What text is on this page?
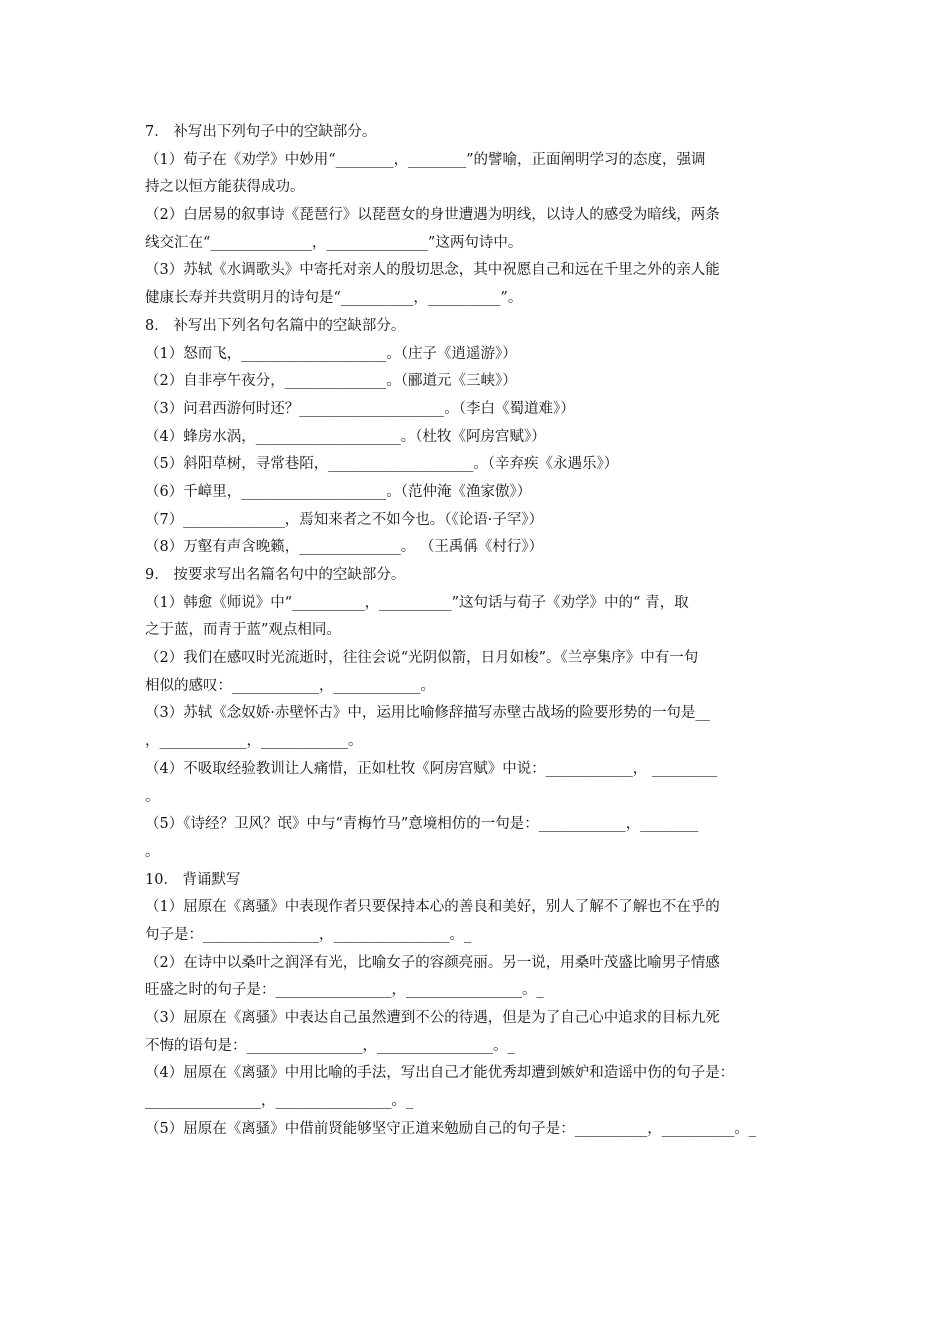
7． 补写出下列句子中的空缺部分。
（1）荀子在《劝学》中妙用“________，________”的譬喻，正面阐明学习的态度，强调
持之以恒方能获得成功。
（2）白居易的叙事诗《琵琶行》以琵琶女的身世遭遇为明线，以诗人的感受为暗线，两条
线交汇在“______________，______________”这两句诗中。
（3）苏轼《水调歌头》中寄托对亲人的殷切思念，其中祝愿自己和远在千里之外的亲人能
健康长寿并共赏明月的诗句是“__________，__________”。
8． 补写出下列名句名篇中的空缺部分。
（1）怒而飞，____________________。（庄子《逍遥游》）
（2）自非亭午夜分，______________。（郦道元《三峡》）
（3）问君西游何时还？____________________。（李白《蜀道难》）
（4）蜂房水涡，____________________。（杜牧《阿房宫赋》）
（5）斜阳草树，寻常巷陌，____________________。（辛弃疾《永遇乐》）
（6）千嶂里，____________________。（范仲淹《渔家傲》）
（7）______________，焉知来者之不如今也。（《论语·子罕》）
（8）万壑有声含晚籁，______________。 （王禹偁《村行》）
9． 按要求写出名篇名句中的空缺部分。
（1）韩愈《师说》中“__________，__________”这句话与荀子《劝学》中的“ 青，取
之于蓝，而青于蓝”观点相同。
（2）我们在感叹时光流逝时，往往会说“光阴似箭，日月如梭”。《兰亭集序》中有一句
相似的感叹：____________，____________。
（3）苏轼《念奴娇·赤壁怀古》中，运用比喻修辞描写赤壁古战场的险要形势的一句是__
，____________，____________。
（4）不吸取经验教训让人痛惜，正如杜牧《阿房宫赋》中说：____________， _________
。
（5）《诗经？卫风？氓》中与“青梅竹马”意境相仿的一句是：____________，________
。
10． 背诵默写
（1）屈原在《离骚》中表现作者只要保持本心的善良和美好，别人了解不了解也不在乎的
句子是：________________，________________。_
（2）在诗中以桑叶之润泽有光，比喻女子的容颜亮丽。另一说，用桑叶茂盛比喻男子情感
旺盛之时的句子是：________________，________________。_
（3）屈原在《离骚》中表达自己虽然遭到不公的待遇，但是为了自己心中追求的目标九死
不悔的语句是：________________，________________。_
（4）屈原在《离骚》中用比喻的手法，写出自己才能优秀却遭到嫉妒和造谣中伤的句子是：
________________，________________。_
（5）屈原在《离骚》中借前贤能够坚守正道来勉励自己的句子是：__________，__________。_
